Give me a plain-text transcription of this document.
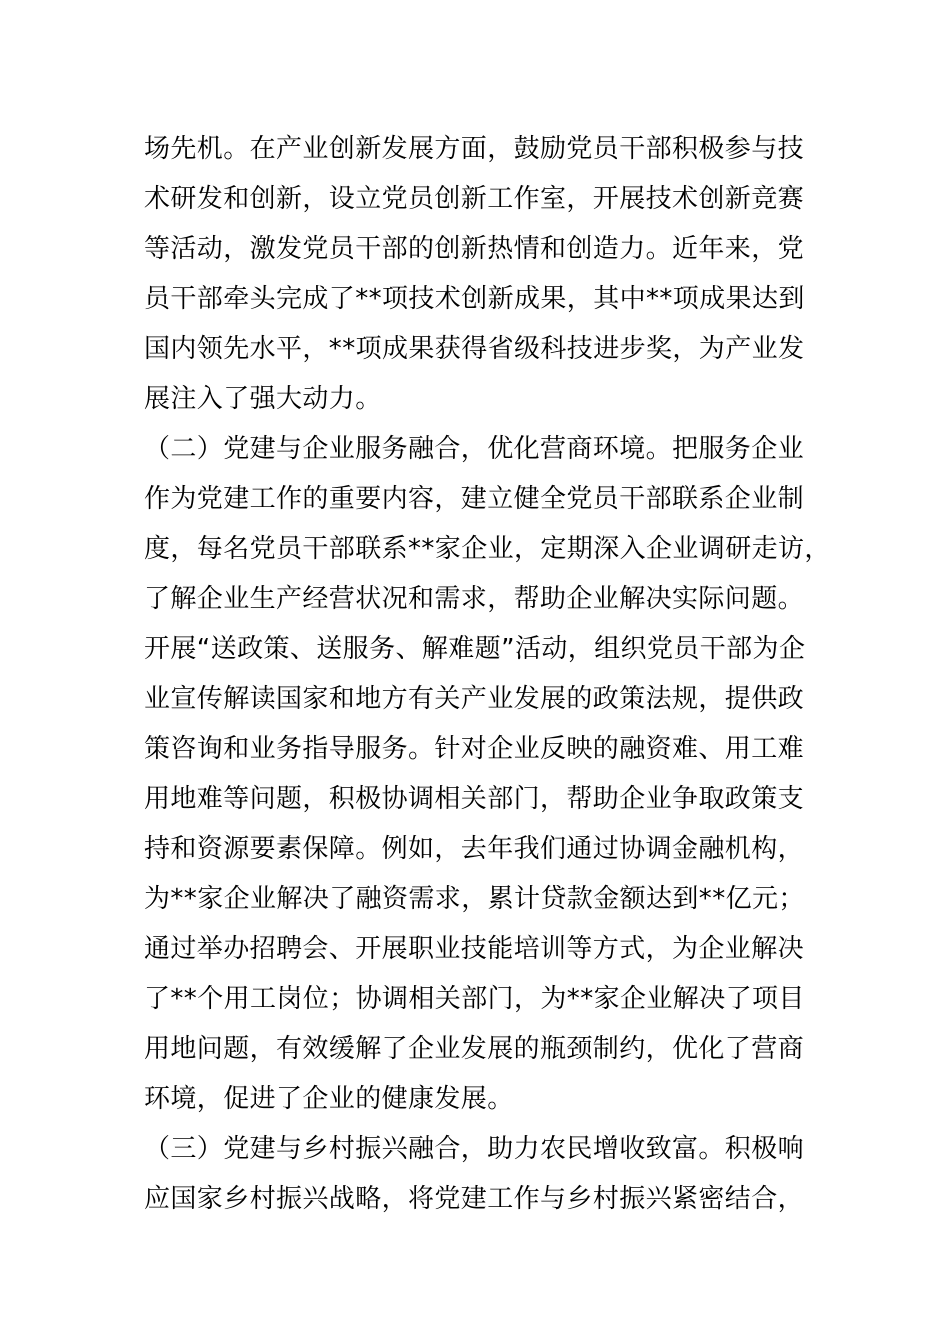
场先机。在产业创新发展方面，鼓励党员干部积极参与技
术研发和创新，设立党员创新工作室，开展技术创新竞赛
等活动，激发党员干部的创新热情和创造力。近年来，党
员干部牵头完成了**项技术创新成果，其中**项成果达到
国内领先水平，**项成果获得省级科技进步奖，为产业发
展注入了强大动力。
（二）党建与企业服务融合，优化营商环境。把服务企业
作为党建工作的重要内容，建立健全党员干部联系企业制
度，每名党员干部联系**家企业，定期深入企业调研走访，
了解企业生产经营状况和需求，帮助企业解决实际问题。
开展“送政策、送服务、解难题”活动，组织党员干部为企
业宣传解读国家和地方有关产业发展的政策法规，提供政
策咨询和业务指导服务。针对企业反映的融资难、用工难
用地难等问题，积极协调相关部门，帮助企业争取政策支
持和资源要素保障。例如，去年我们通过协调金融机构，
为**家企业解决了融资需求，累计贷款金额达到**亿元；
通过举办招聘会、开展职业技能培训等方式，为企业解决
了**个用工岗位；协调相关部门，为**家企业解决了项目
用地问题，有效缓解了企业发展的瓶颈制约，优化了营商
环境，促进了企业的健康发展。
（三）党建与乡村振兴融合，助力农民增收致富。积极响
应国家乡村振兴战略，将党建工作与乡村振兴紧密结合，
